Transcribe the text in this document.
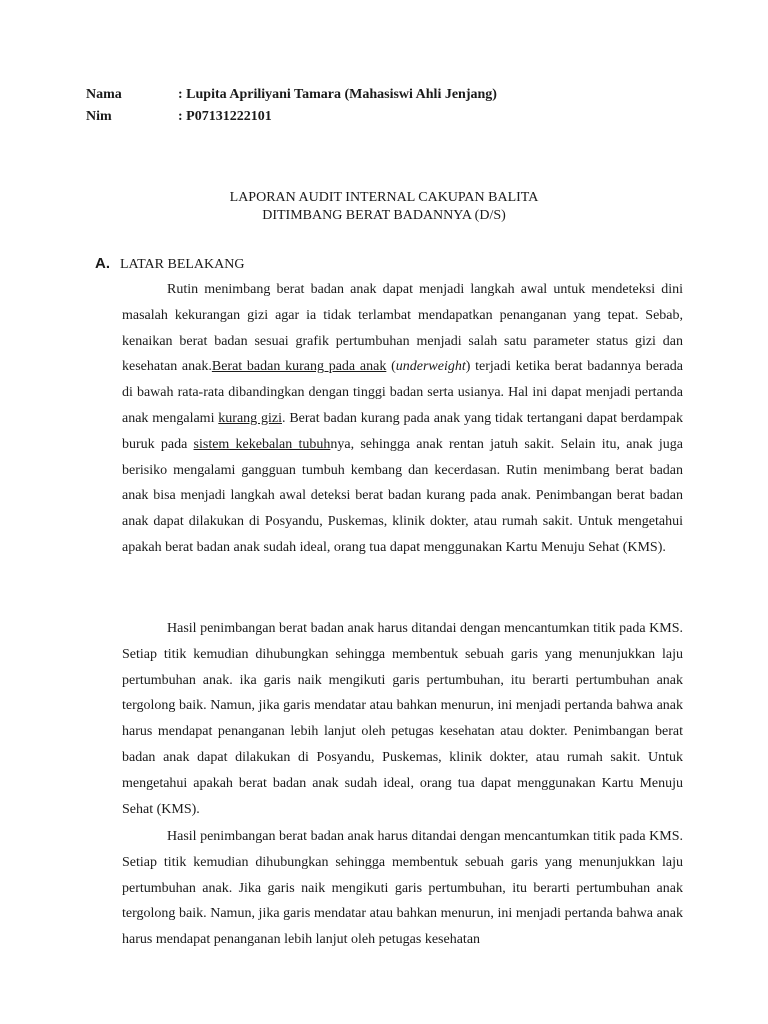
Nama	: Lupita Apriliyani Tamara (Mahasiswi Ahli Jenjang)
Nim	: P07131222101
LAPORAN AUDIT INTERNAL CAKUPAN BALITA
DITIMBANG BERAT BADANNYA (D/S)
A. LATAR BELAKANG

Rutin menimbang berat badan anak dapat menjadi langkah awal untuk mendeteksi dini masalah kekurangan gizi agar ia tidak terlambat mendapatkan penanganan yang tepat. Sebab, kenaikan berat badan sesuai grafik pertumbuhan menjadi salah satu parameter status gizi dan kesehatan anak.Berat badan kurang pada anak (underweight) terjadi ketika berat badannya berada di bawah rata-rata dibandingkan dengan tinggi badan serta usianya. Hal ini dapat menjadi pertanda anak mengalami kurang gizi. Berat badan kurang pada anak yang tidak tertangani dapat berdampak buruk pada sistem kekebalan tubuhnya, sehingga anak rentan jatuh sakit. Selain itu, anak juga berisiko mengalami gangguan tumbuh kembang dan kecerdasan. Rutin menimbang berat badan anak bisa menjadi langkah awal deteksi berat badan kurang pada anak. Penimbangan berat badan anak dapat dilakukan di Posyandu, Puskemas, klinik dokter, atau rumah sakit. Untuk mengetahui apakah berat badan anak sudah ideal, orang tua dapat menggunakan Kartu Menuju Sehat (KMS).

Hasil penimbangan berat badan anak harus ditandai dengan mencantumkan titik pada KMS. Setiap titik kemudian dihubungkan sehingga membentuk sebuah garis yang menunjukkan laju pertumbuhan anak. ika garis naik mengikuti garis pertumbuhan, itu berarti pertumbuhan anak tergolong baik. Namun, jika garis mendatar atau bahkan menurun, ini menjadi pertanda bahwa anak harus mendapat penanganan lebih lanjut oleh petugas kesehatan atau dokter. Penimbangan berat badan anak dapat dilakukan di Posyandu, Puskemas, klinik dokter, atau rumah sakit. Untuk mengetahui apakah berat badan anak sudah ideal, orang tua dapat menggunakan Kartu Menuju Sehat (KMS).

Hasil penimbangan berat badan anak harus ditandai dengan mencantumkan titik pada KMS. Setiap titik kemudian dihubungkan sehingga membentuk sebuah garis yang menunjukkan laju pertumbuhan anak. Jika garis naik mengikuti garis pertumbuhan, itu berarti pertumbuhan anak tergolong baik. Namun, jika garis mendatar atau bahkan menurun, ini menjadi pertanda bahwa anak harus mendapat penanganan lebih lanjut oleh petugas kesehatan
